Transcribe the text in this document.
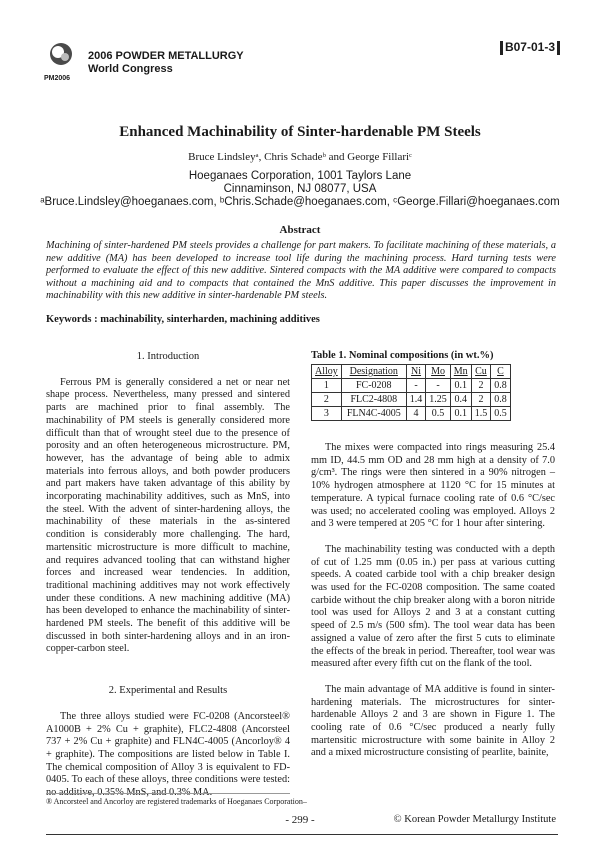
PM2006
2006 POWDER METALLURGY
World Congress
B07-01-3
Enhanced Machinability of Sinter-hardenable PM Steels
Bruce Lindsleyᵃ, Chris Schadeᵇ and George Fillariᶜ
Hoeganaes Corporation, 1001 Taylors Lane
Cinnaminson, NJ 08077, USA
ᵃBruce.Lindsley@hoeganaes.com, ᵇChris.Schade@hoeganaes.com, ᶜGeorge.Fillari@hoeganaes.com
Abstract
Machining of sinter-hardened PM steels provides a challenge for part makers. To facilitate machining of these materials, a new additive (MA) has been developed to increase tool life during the machining process. Hard turning tests were performed to evaluate the effect of this new additive. Sintered compacts with the MA additive were compared to compacts without a machining aid and to compacts that contained the MnS additive. This paper discusses the improvement in machinability with this new additive in sinter-hardenable PM steels.
Keywords : machinability, sinterharden, machining additives
1. Introduction

Ferrous PM is generally considered a net or near net shape process. Nevertheless, many pressed and sintered parts are machined prior to final assembly. The machinability of PM steels is generally considered more difficult than that of wrought steel due to the presence of porosity and an often heterogeneous microstructure. PM, however, has the advantage of being able to admix materials into ferrous alloys, and both powder producers and part makers have taken advantage of this ability by incorporating machinability additives, such as MnS, into the steel. With the advent of sinter-hardening alloys, the machinability of these materials in the as-sintered condition is considerably more challenging. The hard, martensitic microstructure is more difficult to machine, and requires advanced tooling that can withstand higher forces and increased wear tendencies. In addition, traditional machining additives may not work effectively under these conditions. A new machining additive (MA) has been developed to enhance the machinability of sinter-hardened PM steels. The benefit of this additive will be discussed in both sinter-hardening alloys and in an iron-copper-carbon steel.

2. Experimental and Results

The three alloys studied were FC-0208 (Ancorsteel® A1000B + 2% Cu + graphite), FLC2-4808 (Ancorsteel 737 + 2% Cu + graphite) and FLN4C-4005 (Ancorloy® 4 + graphite). The compositions are listed below in Table I. The chemical composition of Alloy 3 is equivalent to FD-0405. To each of these alloys, three conditions were tested: no additive, 0.35% MnS, and 0.3% MA.

® Ancorsteel and Ancorloy are registered trademarks of Hoeganaes Corporation–
Table 1. Nominal compositions (in wt.%)
Alloy	Designation	Ni	Mo	Mn	Cu	C
1	FC-0208	-	-	0.1	2	0.8
2	FLC2-4808	1.4	1.25	0.4	2	0.8
3	FLN4C-4005	4	0.5	0.1	1.5	0.5

The mixes were compacted into rings measuring 25.4 mm ID, 44.5 mm OD and 28 mm high at a density of 7.0 g/cm³. The rings were then sintered in a 90% nitrogen –10% hydrogen atmosphere at 1120 °C for 15 minutes at temperature. A typical furnace cooling rate of 0.6 °C/sec was used; no accelerated cooling was employed. Alloys 2 and 3 were tempered at 205 °C for 1 hour after sintering.

The machinability testing was conducted with a depth of cut of 1.25 mm (0.05 in.) per pass at various cutting speeds. A coated carbide tool with a chip breaker design was used for the FC-0208 composition. The same coated carbide without the chip breaker along with a boron nitride tool was used for Alloys 2 and 3 at a constant cutting speed of 2.5 m/s (500 sfm). The tool wear data has been assigned a value of zero after the first 5 cuts to eliminate the effects of the break in period. Thereafter, tool wear was measured after every fifth cut on the flank of the tool.

The main advantage of MA additive is found in sinter-hardening materials. The microstructures for sinter-hardenable Alloys 2 and 3 are shown in Figure 1. The cooling rate of 0.6 °C/sec produced a nearly fully martensitic microstructure with some bainite in Alloy 2 and a mixed microstructure consisting of pearlite, bainite,

- 299 -	© Korean Powder Metallurgy Institute
